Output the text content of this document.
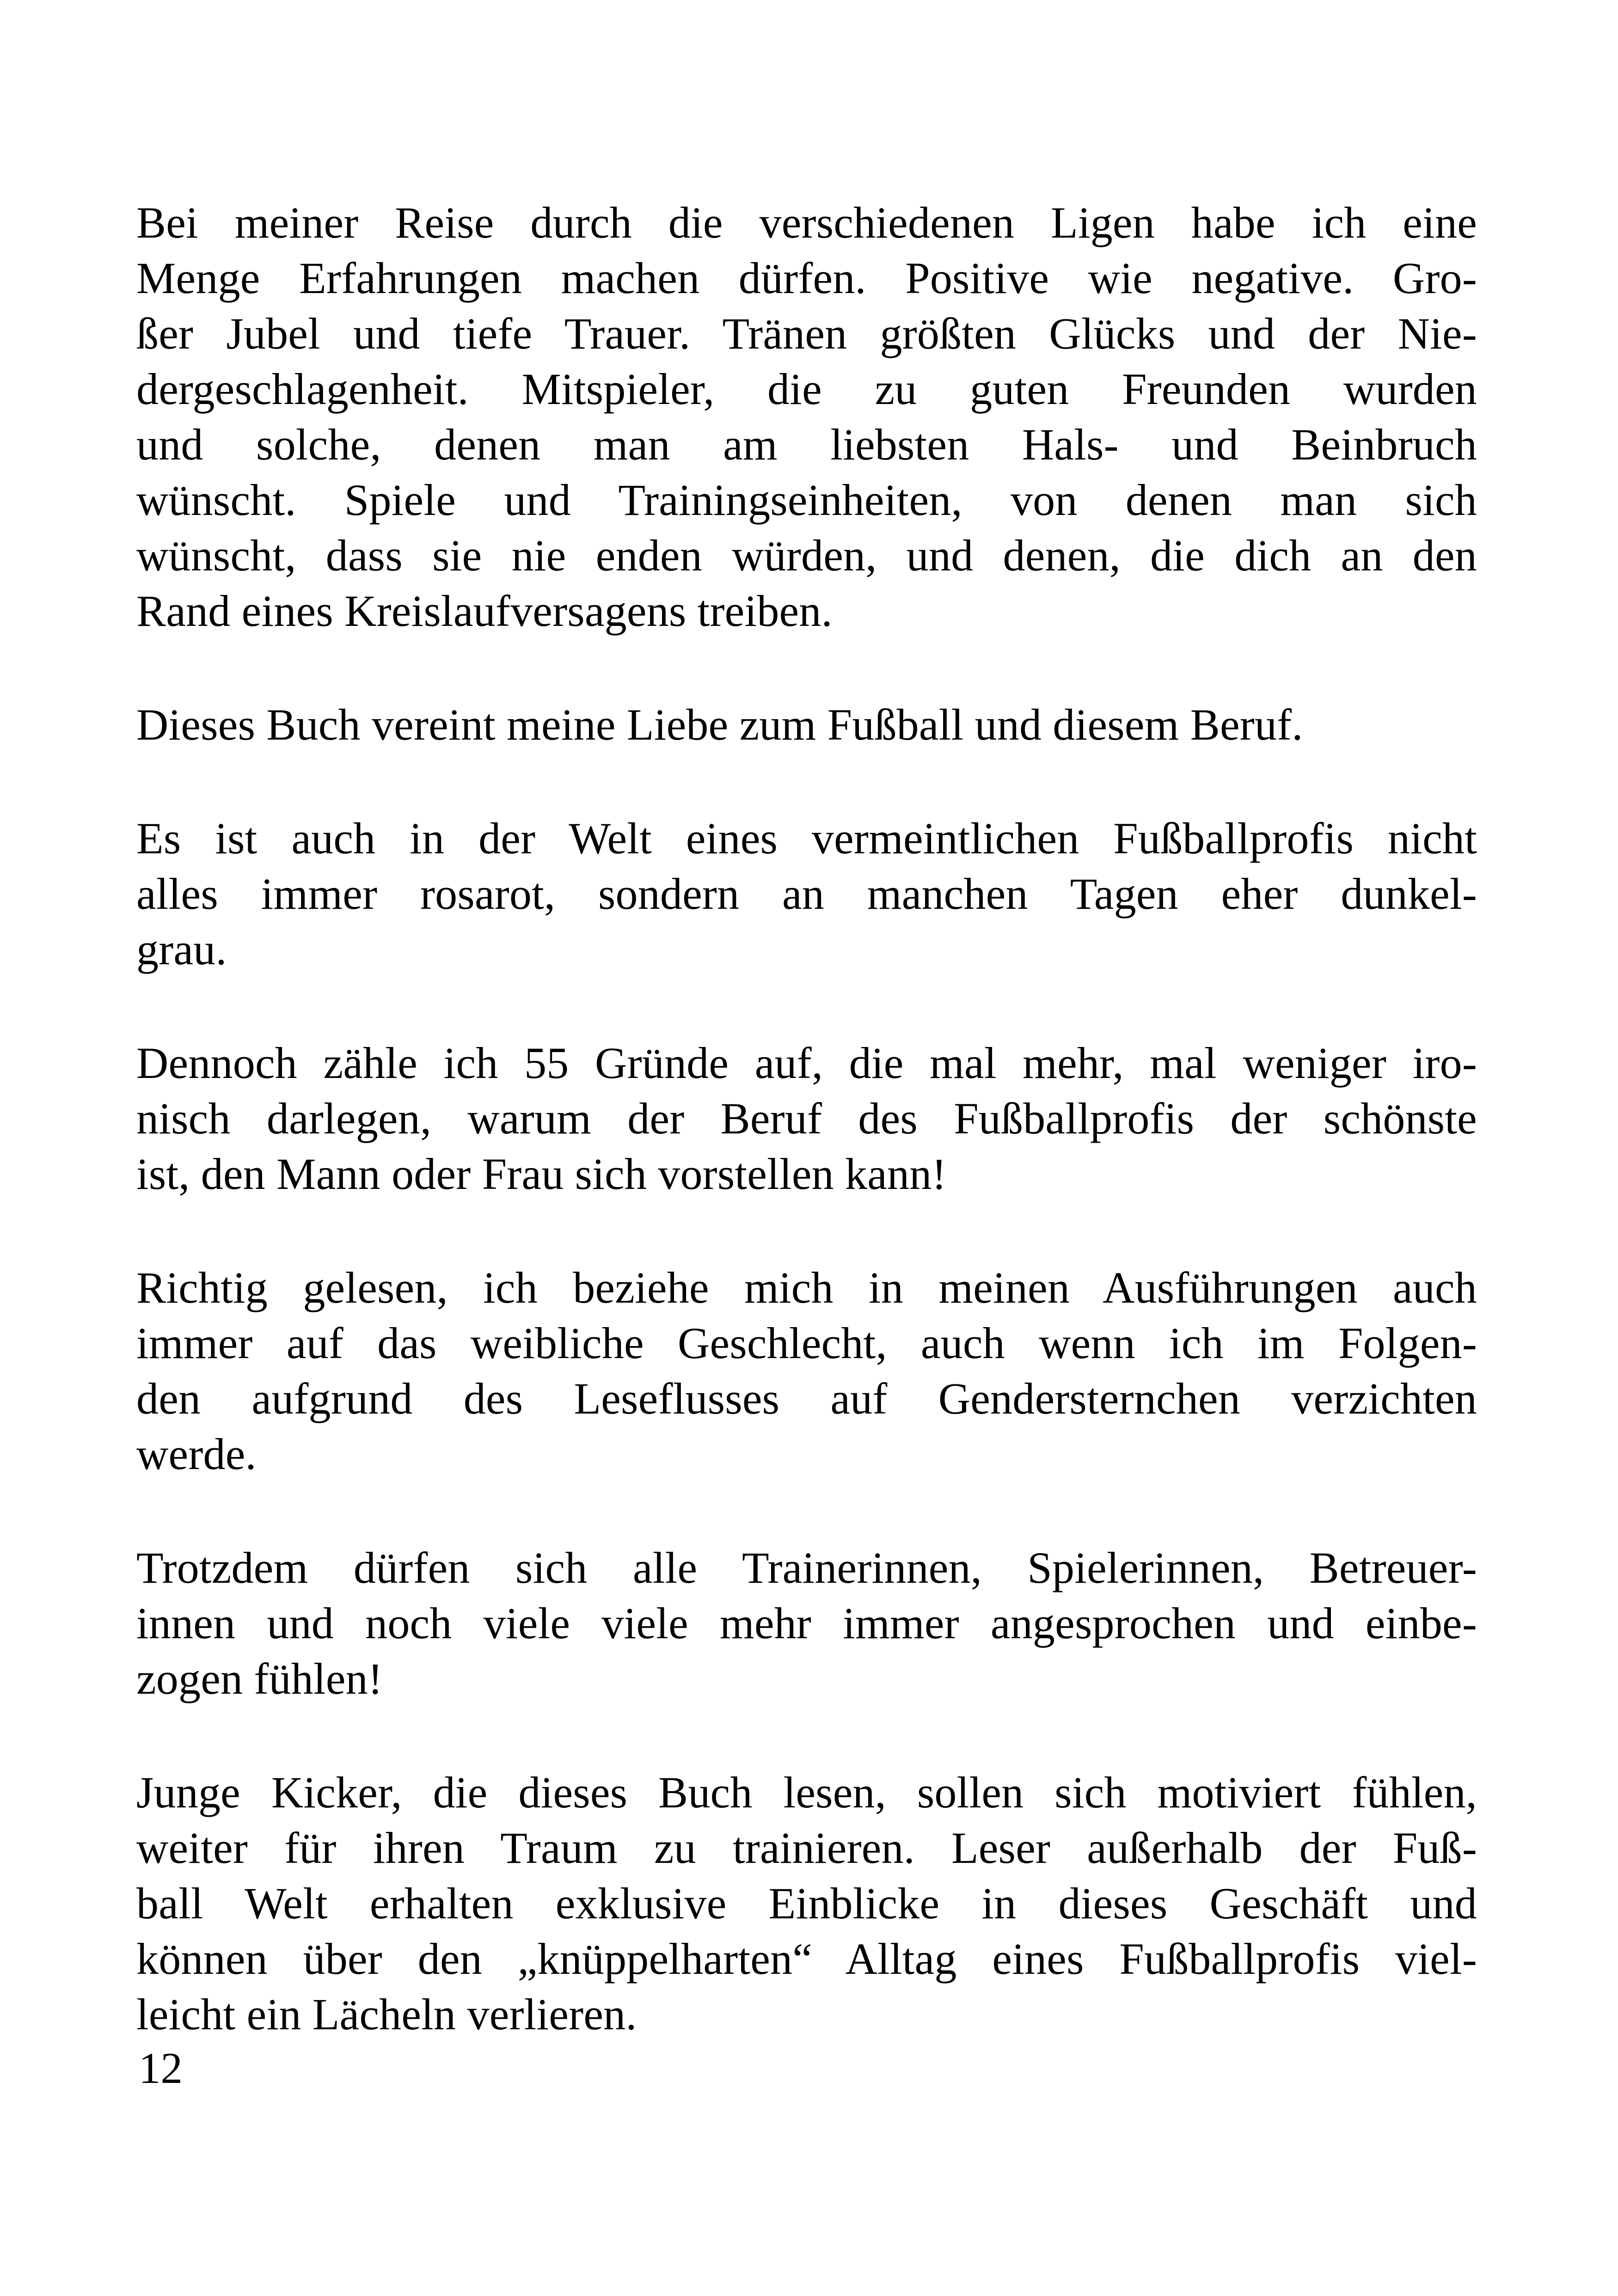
Bei meiner Reise durch die verschiedenen Ligen habe ich eine
Menge Erfahrungen machen dürfen. Positive wie negative. Gro-
ßer Jubel und tiefe Trauer. Tränen größten Glücks und der Nie-
dergeschlagenheit. Mitspieler, die zu guten Freunden wurden
und solche, denen man am liebsten Hals- und Beinbruch
wünscht. Spiele und Trainingseinheiten, von denen man sich
wünscht, dass sie nie enden würden, und denen, die dich an den
Rand eines Kreislaufversagens treiben.
Dieses Buch vereint meine Liebe zum Fußball und diesem Beruf.
Es ist auch in der Welt eines vermeintlichen Fußballprofis nicht
alles immer rosarot, sondern an manchen Tagen eher dunkel-
grau.
Dennoch zähle ich 55 Gründe auf, die mal mehr, mal weniger iro-
nisch darlegen, warum der Beruf des Fußballprofis der schönste
ist, den Mann oder Frau sich vorstellen kann!
Richtig gelesen, ich beziehe mich in meinen Ausführungen auch
immer auf das weibliche Geschlecht, auch wenn ich im Folgen-
den aufgrund des Leseflusses auf Gendersternchen verzichten
werde.
Trotzdem dürfen sich alle Trainerinnen, Spielerinnen, Betreuer-
innen und noch viele viele mehr immer angesprochen und einbe-
zogen fühlen!
Junge Kicker, die dieses Buch lesen, sollen sich motiviert fühlen,
weiter für ihren Traum zu trainieren. Leser außerhalb der Fuß-
ball Welt erhalten exklusive Einblicke in dieses Geschäft und
können über den „knüppelharten“ Alltag eines Fußballprofis viel-
leicht ein Lächeln verlieren.
12
